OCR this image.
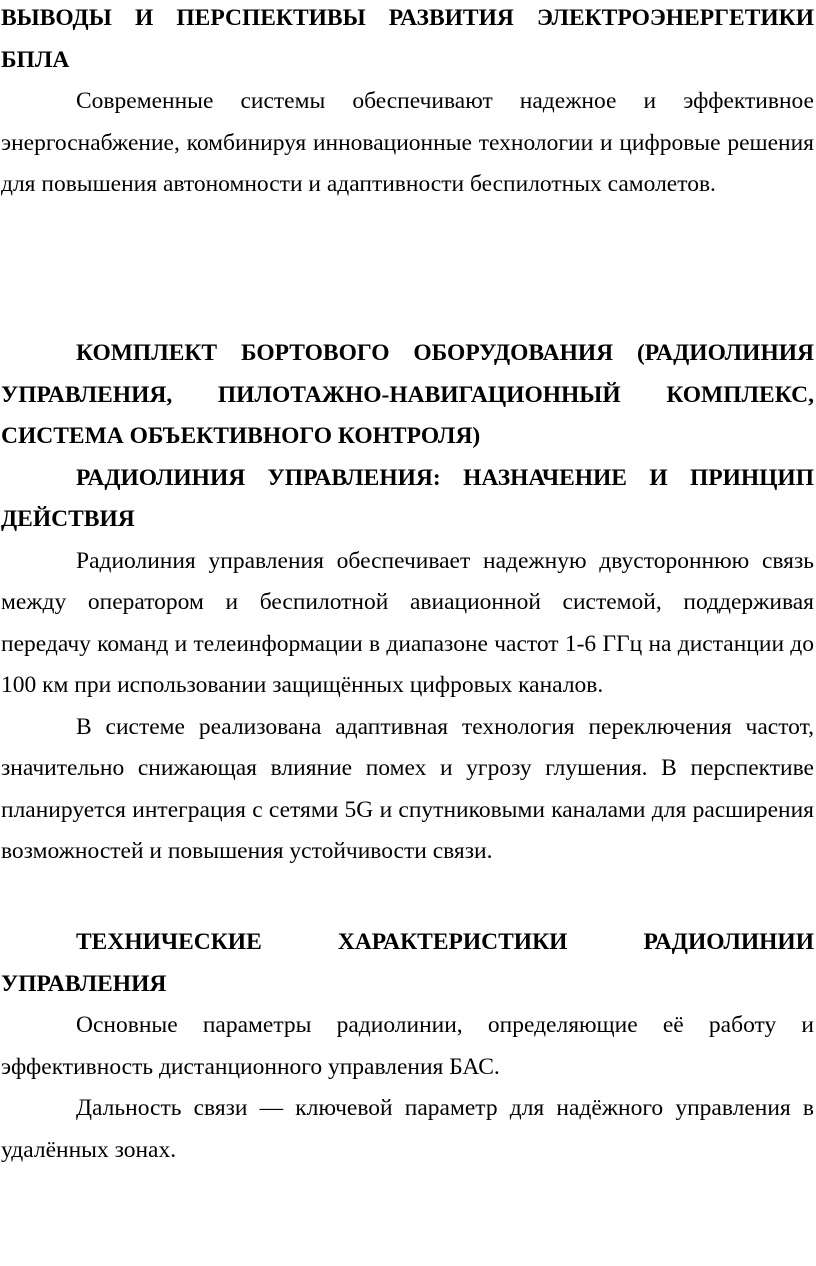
ВЫВОДЫ И ПЕРСПЕКТИВЫ РАЗВИТИЯ ЭЛЕКТРОЭНЕРГЕТИКИ БПЛА

Современные системы обеспечивают надежное и эффективное энергоснабжение, комбинируя инновационные технологии и цифровые решения для повышения автономности и адаптивности беспилотных самолетов.

КОМПЛЕКТ БОРТОВОГО ОБОРУДОВАНИЯ (РАДИОЛИНИЯ УПРАВЛЕНИЯ, ПИЛОТАЖНО-НАВИГАЦИОННЫЙ КОМПЛЕКС, СИСТЕМА ОБЪЕКТИВНОГО КОНТРОЛЯ)
РАДИОЛИНИЯ УПРАВЛЕНИЯ: НАЗНАЧЕНИЕ И ПРИНЦИП ДЕЙСТВИЯ

Радиолиния управления обеспечивает надежную двустороннюю связь между оператором и беспилотной авиационной системой, поддерживая передачу команд и телеинформации в диапазоне частот 1-6 ГГц на дистанции до 100 км при использовании защищённых цифровых каналов.

В системе реализована адаптивная технология переключения частот, значительно снижающая влияние помех и угрозу глушения. В перспективе планируется интеграция с сетями 5G и спутниковыми каналами для расширения возможностей и повышения устойчивости связи.

ТЕХНИЧЕСКИЕ ХАРАКТЕРИСТИКИ РАДИОЛИНИИ УПРАВЛЕНИЯ

Основные параметры радиолинии, определяющие её работу и эффективность дистанционного управления БАС.

Дальность связи — ключевой параметр для надёжного управления в удалённых зонах.
